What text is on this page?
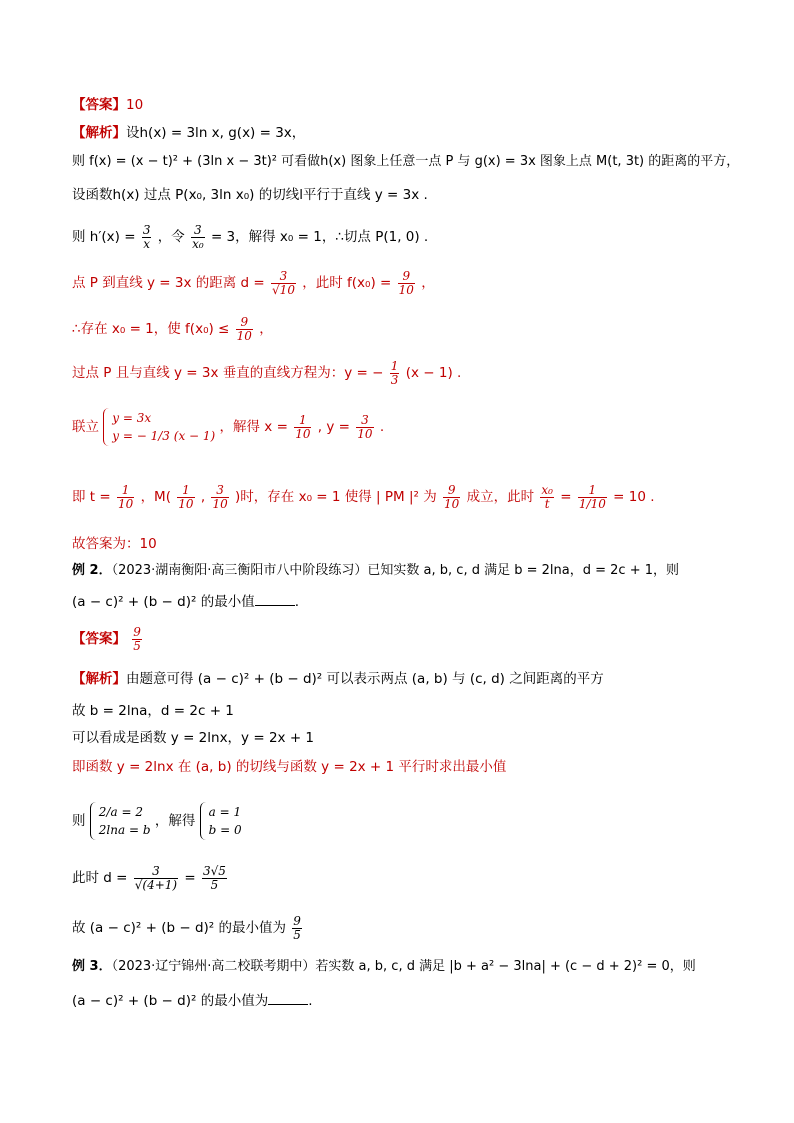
【答案】10
【解析】设h(x) = 3ln x, g(x) = 3x，
则 f(x) = (x − t)² + (3ln x − 3t)² 可看做h(x) 图象上任意一点 P 与 g(x) = 3x 图象上点 M(t, 3t) 的距离的平方，
设函数h(x) 过点 P(x₀, 3ln x₀) 的切线l平行于直线 y = 3x .
则 $h'(x) = \frac{3}{x}$ ，令 $\frac{3}{\text{x₀}} = 3$，解得 x₀ = 1，∴切点 P(1, 0) .
点 P 到直线 y = 3x 的距离 $d = \frac{3}{√10}$ ，此时 $f(x_0) = \frac{9}{10}$ ，
∴存在 x₀ = 1，使 $f(x_0) \le \frac{9}{10}$ ，
过点 P 且与直线 y = 3x 垂直的直线方程为：y = − $\frac{1}{3} (x - 1)$ .
联立
y = 3x
y = − 1/3 (x − 1)
，解得 $x = \frac{1}{10}$ , $y = \frac{3}{10}$ .
即 $t = \frac{1}{10}$ ，$M( \frac{1}{10}$ , $\frac{3}{10}$ )时，存在 x₀ = 1 使得 | PM |² 为 $\frac{9}{10}$ 成立，此时 $\frac{\text{x₀}}{t} = \frac{1}{1/10} = 10$ .
故答案为：10
例 2．（2023·湖南衡阳·高三衡阳市八中阶段练习）已知实数 a, b, c, d 满足 b = 2lna，d = 2c + 1，则
(a − c)² + (b − d)² 的最小值	.
【答案】 $\frac{9}{5}$
【解析】由题意可得 (a − c)² + (b − d)² 可以表示两点 (a, b) 与 (c, d) 之间距离的平方
故 b = 2lna，d = 2c + 1
可以看成是函数 y = 2lnx，y = 2x + 1
即函数 y = 2lnx 在 (a, b) 的切线与函数 y = 2x + 1 平行时求出最小值
则
2/a = 2
2lna = b
，解得
a = 1
b = 0
此时 $d = \frac{3}{√(4+1)} = \frac{3√5}{5}$
故 (a − c)² + (b − d)² 的最小值为 $\frac{9}{5}$
例 3．（2023·辽宁锦州·高二校联考期中）若实数 a, b, c, d 满足 |b + a² − 3lna| + (c − d + 2)² = 0，则
(a − c)² + (b − d)² 的最小值为	.
